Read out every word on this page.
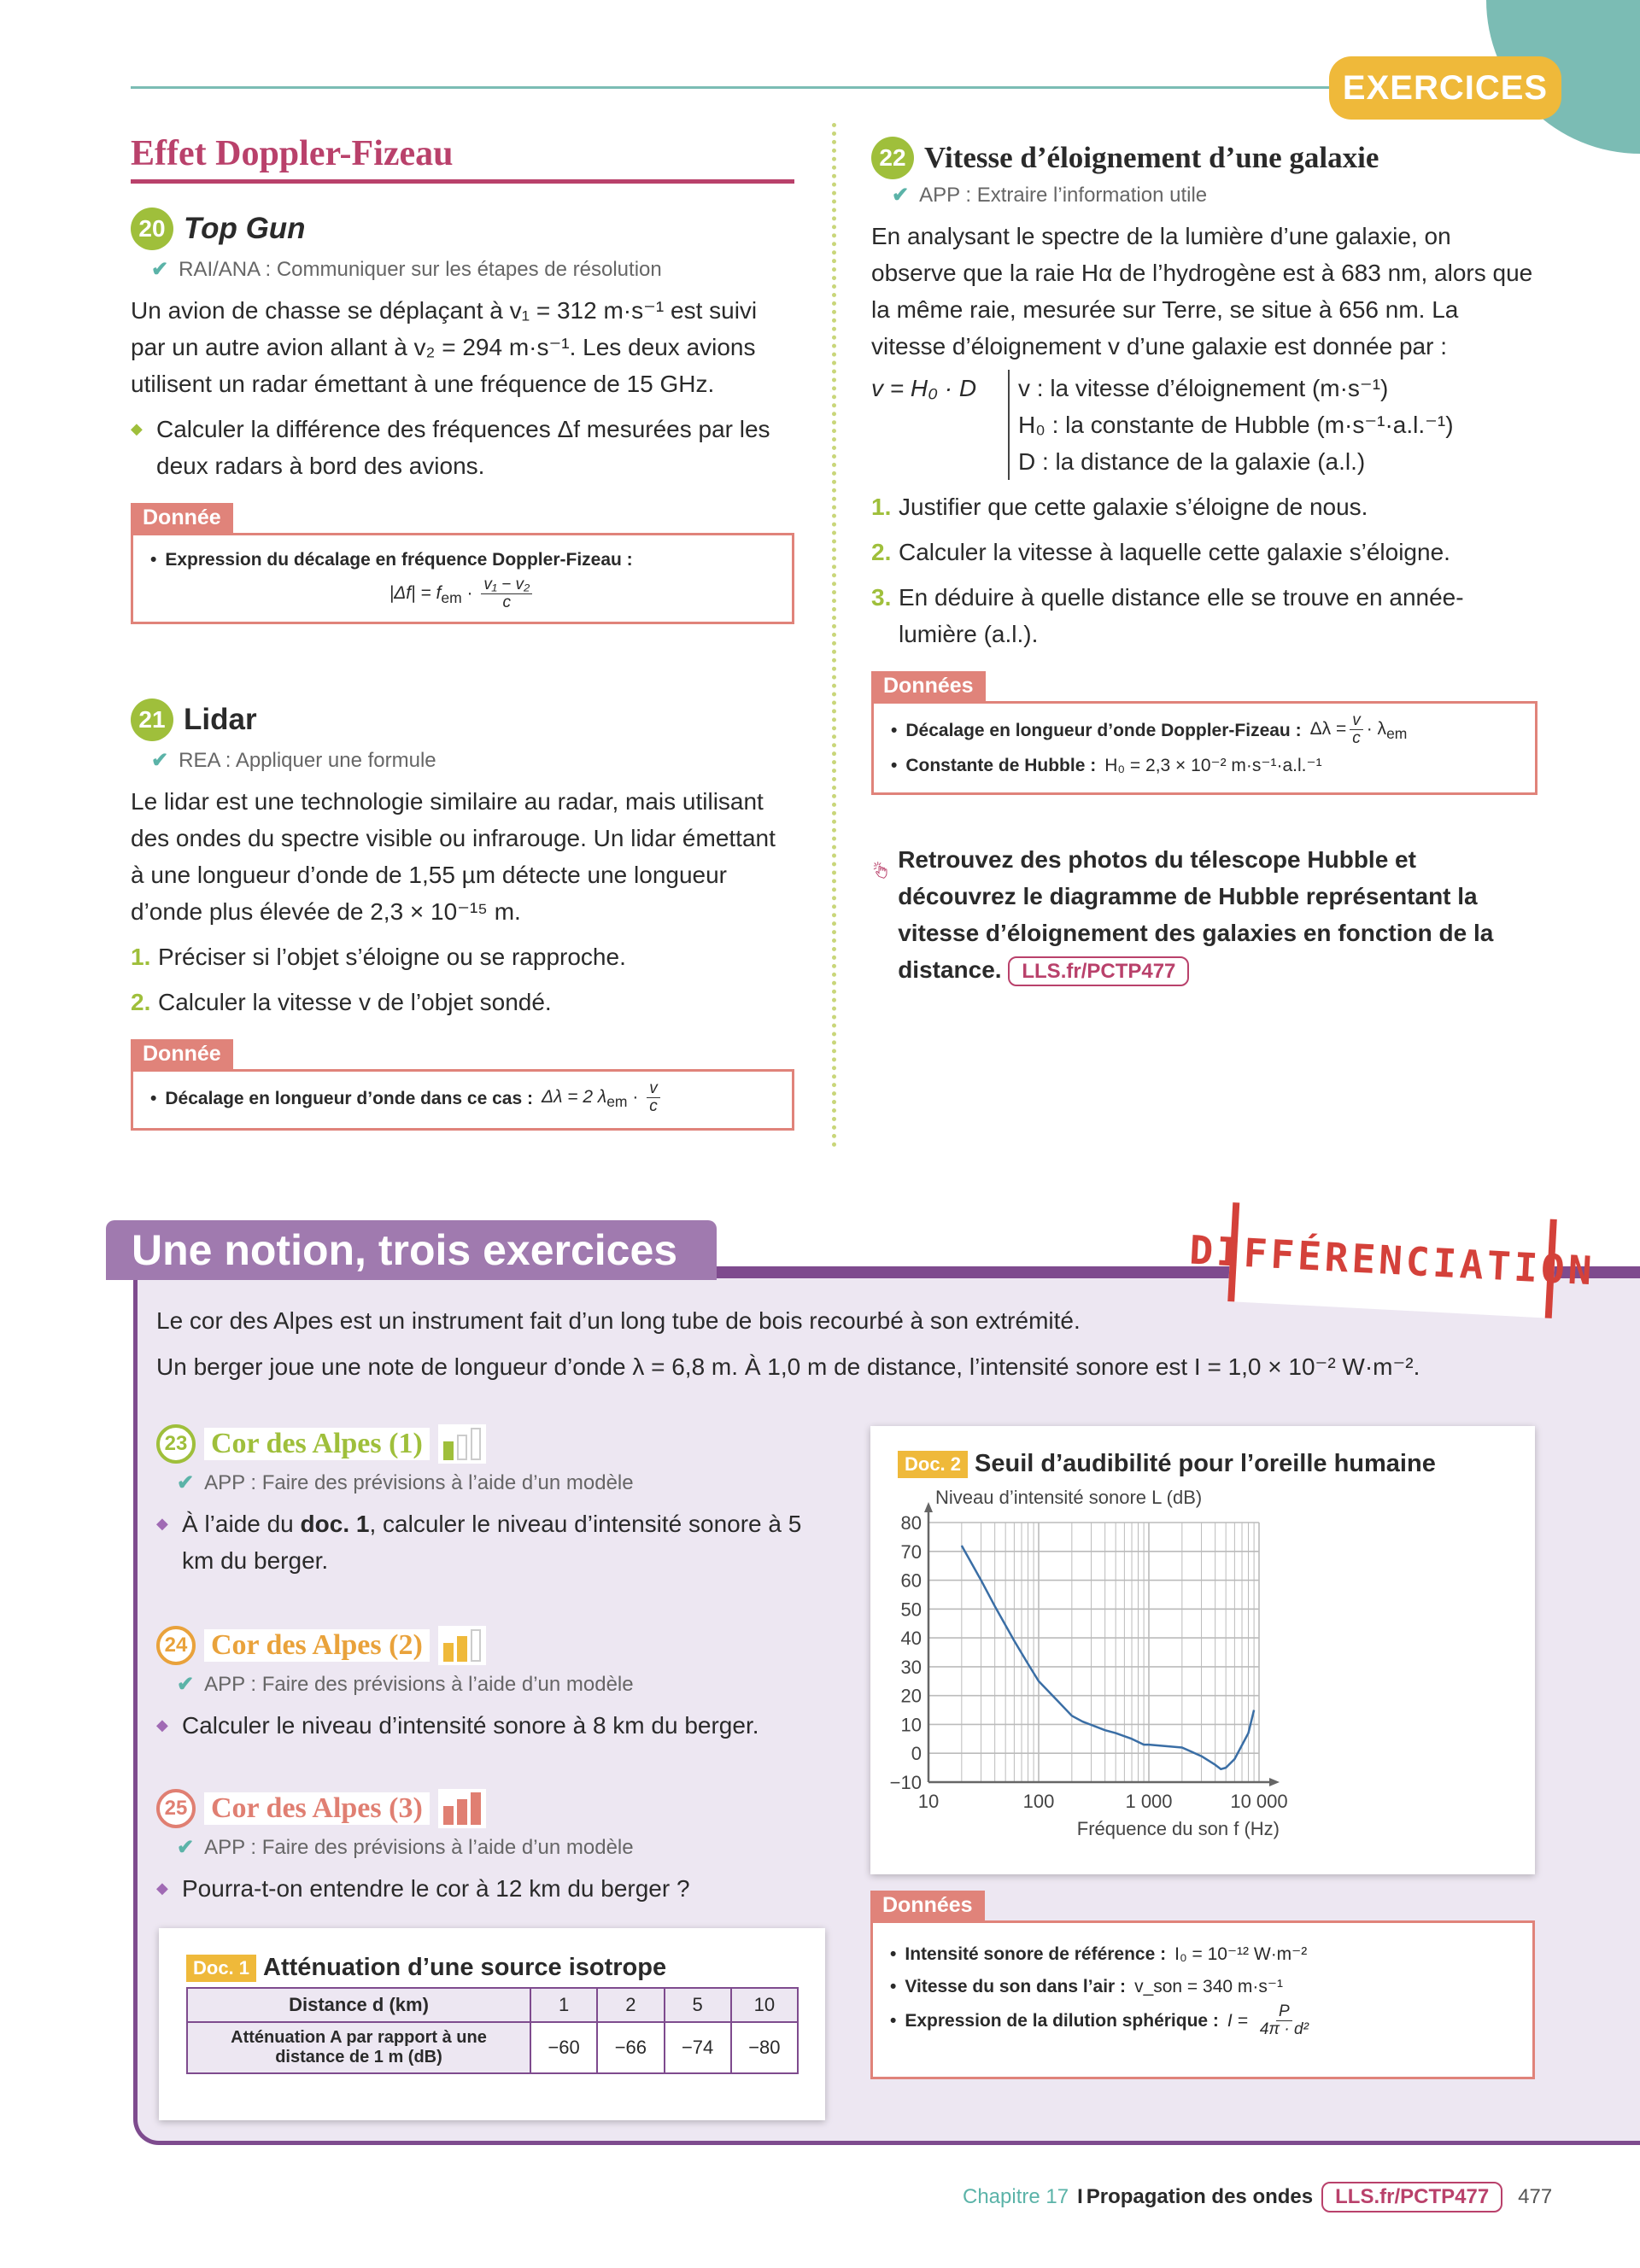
EXERCICES
Effet Doppler-Fizeau
20 Top Gun
✔ RAI/ANA : Communiquer sur les étapes de résolution
Un avion de chasse se déplaçant à v₁ = 312 m·s⁻¹ est suivi par un autre avion allant à v₂ = 294 m·s⁻¹. Les deux avions utilisent un radar émettant à une fréquence de 15 GHz.
◆ Calculer la différence des fréquences Δf mesurées par les deux radars à bord des avions.
Donnée
• Expression du décalage en fréquence Doppler-Fizeau :
$|\Delta f| = f_{em} \cdot \frac{\text{v₁ − v₂}}{c}$
21 Lidar
✔ REA : Appliquer une formule
Le lidar est une technologie similaire au radar, mais utilisant des ondes du spectre visible ou infrarouge. Un lidar émettant à une longueur d’onde de 1,55 µm détecte une longueur d’onde plus élevée de 2,3 × 10⁻¹⁵ m.
1. Préciser si l’objet s’éloigne ou se rapproche.
2. Calculer la vitesse v de l’objet sondé.
Donnée
• Décalage en longueur d’onde dans ce cas : Δλ = 2 $\lambda_{em} \cdot \frac{v}{c}$
22 Vitesse d’éloignement d’une galaxie
✔ APP : Extraire l’information utile
En analysant le spectre de la lumière d’une galaxie, on observe que la raie Hα de l’hydrogène est à 683 nm, alors que la même raie, mesurée sur Terre, se situe à 656 nm. La vitesse d’éloignement v d’une galaxie est donnée par :
v = H₀ · D	v : la vitesse d’éloignement (m·s⁻¹)
H₀ : la constante de Hubble (m·s⁻¹·a.l.⁻¹)
D : la distance de la galaxie (a.l.)
1. Justifier que cette galaxie s’éloigne de nous.
2. Calculer la vitesse à laquelle cette galaxie s’éloigne.
3. En déduire à quelle distance elle se trouve en année-lumière (a.l.).
Données
• Décalage en longueur d’onde Doppler-Fizeau : $\Delta\lambda = \frac{v}{c} \cdot \lambda_{em}$
• Constante de Hubble : H₀ = 2,3 × 10⁻² m·s⁻¹·a.l.⁻¹
Retrouvez des photos du télescope Hubble et découvrez le diagramme de Hubble représentant la vitesse d’éloignement des galaxies en fonction de la distance. LLS.fr/PCTP477
Une notion, trois exercices	DIFFÉRENCIATION
Le cor des Alpes est un instrument fait d’un long tube de bois recourbé à son extrémité.
Un berger joue une note de longueur d’onde λ = 6,8 m. À 1,0 m de distance, l’intensité sonore est I = 1,0 × 10⁻² W·m⁻².
23 Cor des Alpes (1)
✔ APP : Faire des prévisions à l’aide d’un modèle
◆ À l’aide du doc. 1, calculer le niveau d’intensité sonore à 5 km du berger.
24 Cor des Alpes (2)
✔ APP : Faire des prévisions à l’aide d’un modèle
◆ Calculer le niveau d’intensité sonore à 8 km du berger.
25 Cor des Alpes (3)
✔ APP : Faire des prévisions à l’aide d’un modèle
◆ Pourra-t-on entendre le cor à 12 km du berger ?
Doc. 1 Atténuation d’une source isotrope
Distance d (km)	1	2	5	10
Atténuation A par rapport à une distance de 1 m (dB)	−60	−66	−74	−80
Doc. 2 Seuil d’audibilité pour l’oreille humaine
80
70
60
50
40
30
20
10
0
−10
10	100	1 000	10 000
Niveau d’intensité sonore L (dB)
Fréquence du son f (Hz)
Données
• Intensité sonore de référence : I₀ = 10⁻¹² W·m⁻²
• Vitesse du son dans l’air : v_son = 340 m·s⁻¹
• Expression de la dilution sphérique : $I = \frac{P}{\text{4π · d²}}$
Chapitre 17 I Propagation des ondes	LLS.fr/PCTP477	477
